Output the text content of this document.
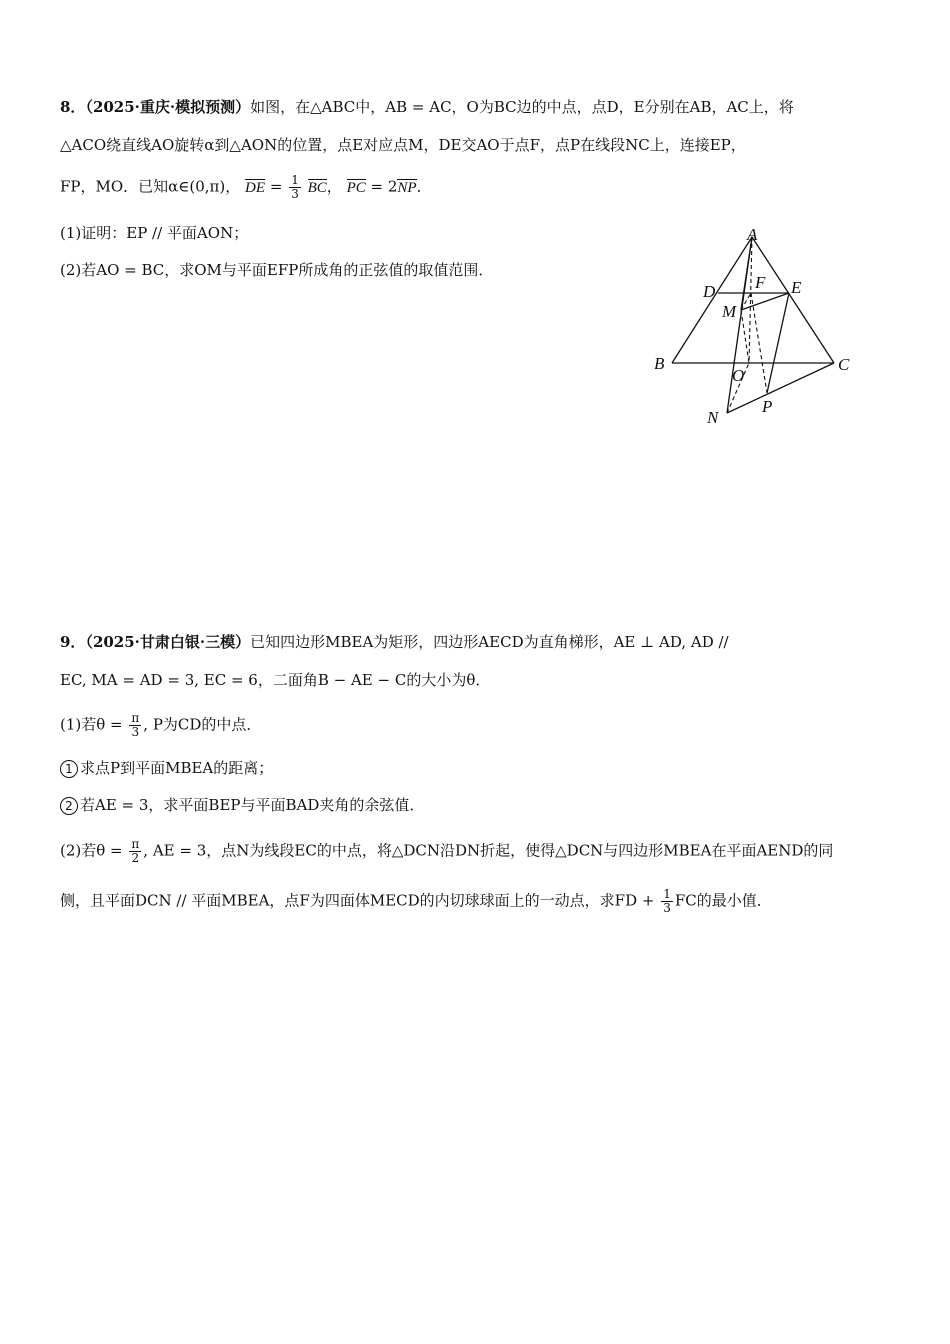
8．（2025·重庆·模拟预测）如图，在△ABC中，AB = AC，O为BC边的中点，点D，E分别在AB，AC上，将
△ACO绕直线AO旋转α到△AON的位置，点E对应点M，DE交AO于点F，点P在线段NC上，连接EP，
FP，MO．已知α∈(0,π)， DE = $\frac{1}{3}$ BC， PC = 2NP．
(1)证明：EP // 平面AON；
(2)若AO = BC，求OM与平面EFP所成角的正弦值的取值范围．
A
D F E
M
B
O
C
P
N
9．（2025·甘肃白银·三模）已知四边形MBEA为矩形，四边形AECD为直角梯形，AE ⊥ AD, AD //
EC, MA = AD = 3, EC = 6，二面角B − AE − C的大小为θ．
(1)若$\theta = \frac{\pi}{3}$ , P为CD的中点．
1 求点P到平面MBEA的距离；
2 若AE = 3，求平面BEP与平面BAD夹角的余弦值．
(2)若$\theta = \frac{\pi}{2}$ , AE = 3，点N为线段EC的中点，将△DCN沿DN折起，使得△DCN与四边形MBEA在平面AEND的同
侧，且平面DCN // 平面MBEA，点F为四面体MECD的内切球球面上的一动点，求FD + $\frac{1}{3}$ FC的最小值．
